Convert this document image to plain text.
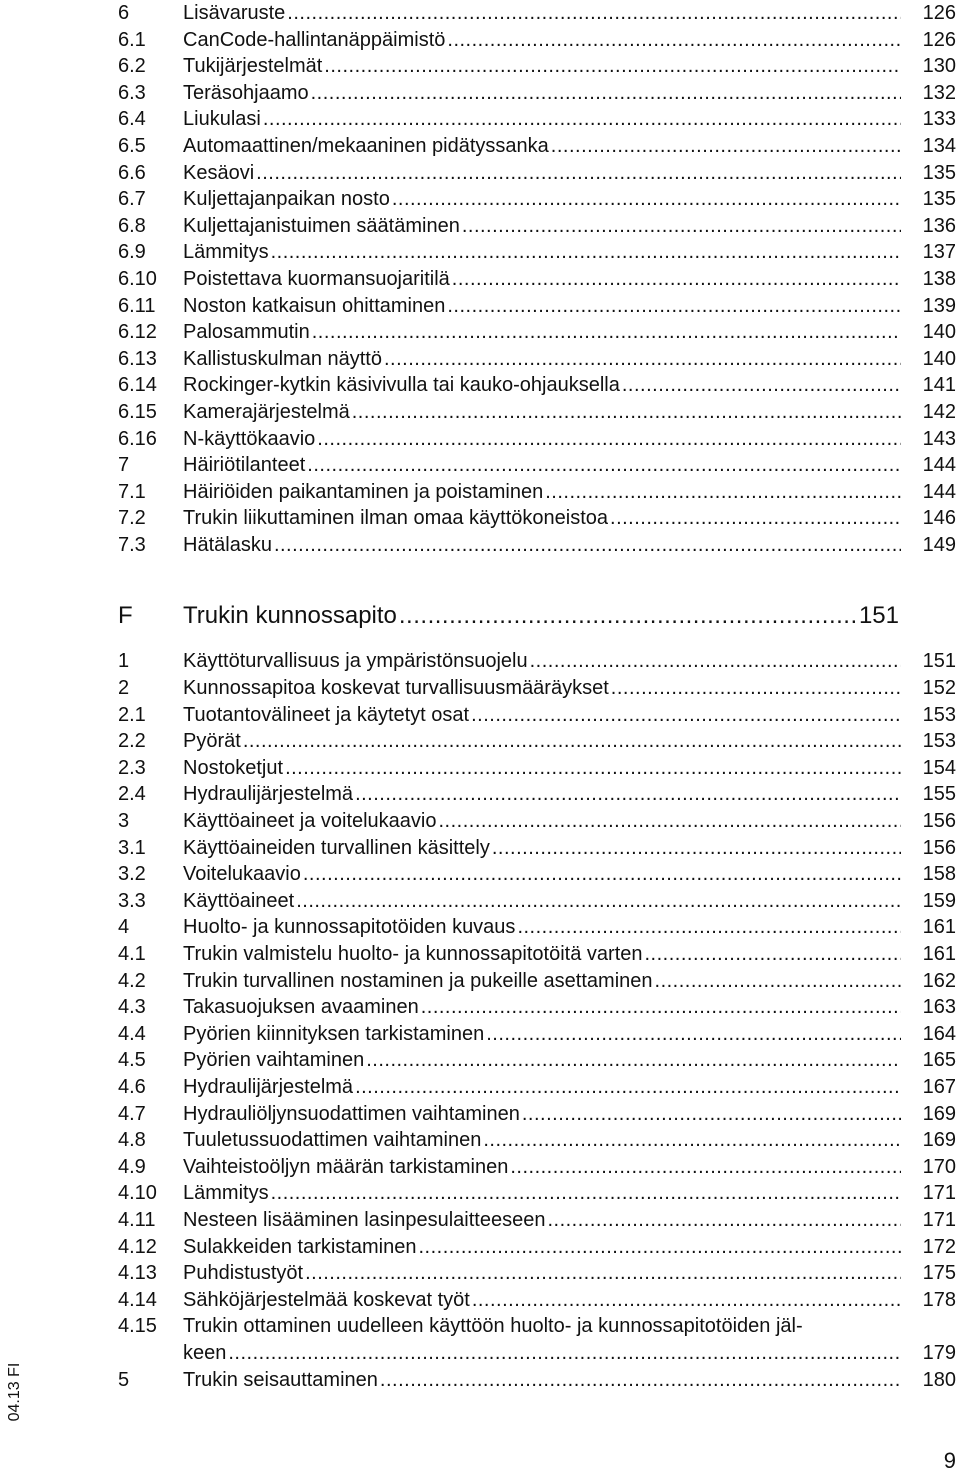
6	Lisävaruste .....	126
6.1	CanCode-hallintanäppäimistö .....	126
6.2	Tukijärjestelmät .....	130
6.3	Teräsohjaamo .....	132
6.4	Liukulasi .....	133
6.5	Automaattinen/mekaaninen pidätyssanka .....	134
6.6	Kesäovi .....	135
6.7	Kuljettajanpaikan nosto .....	135
6.8	Kuljettajanistuimen säätäminen .....	136
6.9	Lämmitys .....	137
6.10	Poistettava kuormansuojaritilä .....	138
6.11	Noston katkaisun ohittaminen .....	139
6.12	Palosammutin .....	140
6.13	Kallistuskulman näyttö .....	140
6.14	Rockinger-kytkin käsivivulla tai kauko-ohjauksella .....	141
6.15	Kamerajärjestelmä .....	142
6.16	N-käyttökaavio .....	143
7	Häiriötilanteet .....	144
7.1	Häiriöiden paikantaminen ja poistaminen .....	144
7.2	Trukin liikuttaminen ilman omaa käyttökoneistoa .....	146
7.3	Hätälasku .....	149
F	Trukin kunnossapito .....	151
1	Käyttöturvallisuus ja ympäristönsuojelu .....	151
2	Kunnossapitoa koskevat turvallisuusmääräykset .....	152
2.1	Tuotantovälineet ja käytetyt osat .....	153
2.2	Pyörät .....	153
2.3	Nostoketjut .....	154
2.4	Hydraulijärjestelmä .....	155
3	Käyttöaineet ja voitelukaavio .....	156
3.1	Käyttöaineiden turvallinen käsittely .....	156
3.2	Voitelukaavio .....	158
3.3	Käyttöaineet .....	159
4	Huolto- ja kunnossapitotöiden kuvaus .....	161
4.1	Trukin valmistelu huolto- ja kunnossapitotöitä varten .....	161
4.2	Trukin turvallinen nostaminen ja pukeille asettaminen .....	162
4.3	Takasuojuksen avaaminen .....	163
4.4	Pyörien kiinnityksen tarkistaminen .....	164
4.5	Pyörien vaihtaminen .....	165
4.6	Hydraulijärjestelmä .....	167
4.7	Hydrauliöljynsuodattimen vaihtaminen .....	169
4.8	Tuuletussuodattimen vaihtaminen .....	169
4.9	Vaihteistoöljyn määrän tarkistaminen .....	170
4.10	Lämmitys .....	171
4.11	Nesteen lisääminen lasinpesulaitteeseen .....	171
4.12	Sulakkeiden tarkistaminen .....	172
4.13	Puhdistustyöt .....	175
4.14	Sähköjärjestelmää koskevat työt .....	178
4.15	Trukin ottaminen uudelleen käyttöön huolto- ja kunnossapitotöiden jäl-
keen .....	179
5	Trukin seisauttaminen .....	180
04.13 FI
9
